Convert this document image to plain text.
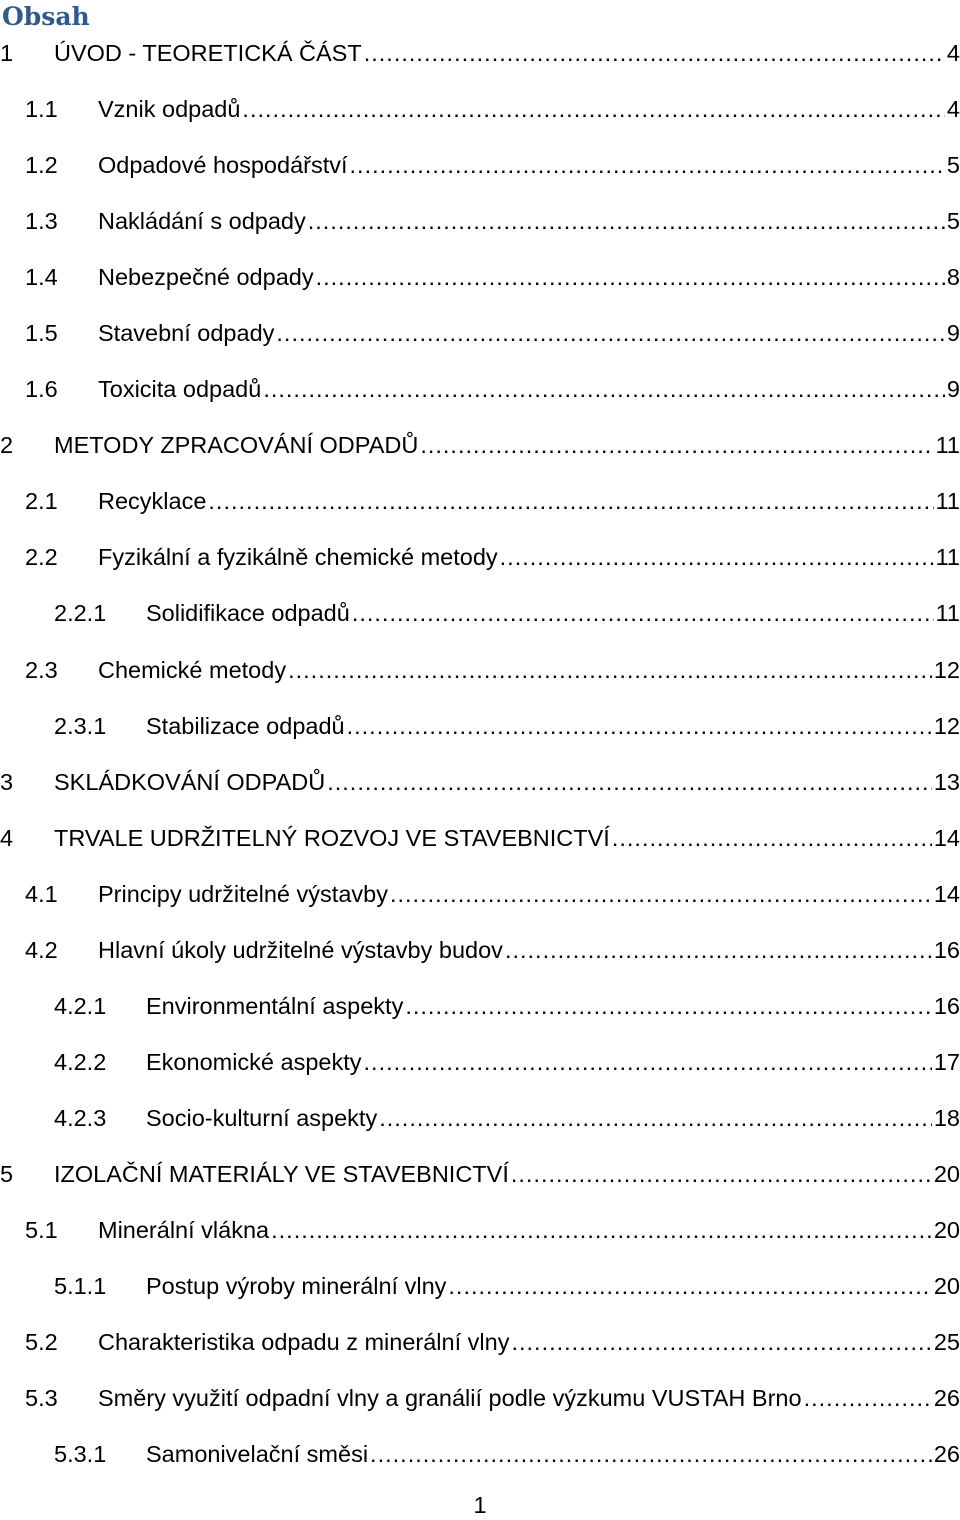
Obsah
1 ÚVOD - TEORETICKÁ ČÁST .....	4
1.1 Vznik odpadů .....	4
1.2 Odpadové hospodářství .....	5
1.3 Nakládání s odpady .....	5
1.4 Nebezpečné odpady .....	8
1.5 Stavební odpady .....	9
1.6 Toxicita odpadů .....	9
2 METODY ZPRACOVÁNÍ ODPADŮ .....	11
2.1 Recyklace .....	11
2.2 Fyzikální a fyzikálně chemické metody .....	11
2.2.1 Solidifikace odpadů .....	11
2.3 Chemické metody .....	12
2.3.1 Stabilizace odpadů .....	12
3 SKLÁDKOVÁNÍ ODPADŮ .....	13
4 TRVALE UDRŽITELNÝ ROZVOJ VE STAVEBNICTVÍ .....	14
4.1 Principy udržitelné výstavby .....	14
4.2 Hlavní úkoly udržitelné výstavby budov .....	16
4.2.1 Environmentální aspekty .....	16
4.2.2 Ekonomické aspekty .....	17
4.2.3 Socio-kulturní aspekty .....	18
5 IZOLAČNÍ MATERIÁLY VE STAVEBNICTVÍ .....	20
5.1 Minerální vlákna .....	20
5.1.1 Postup výroby minerální vlny .....	20
5.2 Charakteristika odpadu z minerální vlny .....	25
5.3 Směry využití odpadní vlny a granálií podle výzkumu VUSTAH Brno .....	26
5.3.1 Samonivelační směsi .....	26
1
